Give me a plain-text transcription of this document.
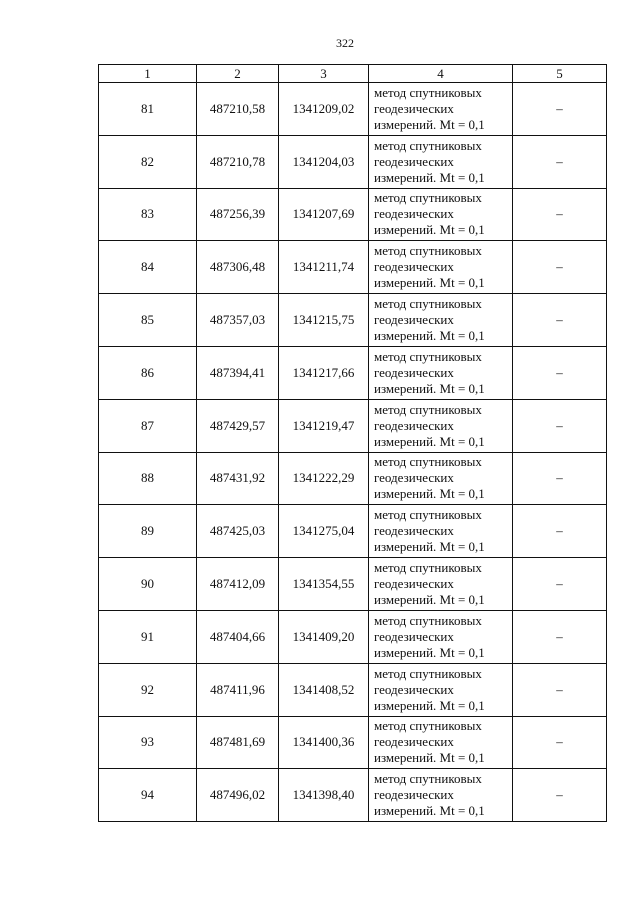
322
1	2	3	4	5
81	487210,58	1341209,02	метод спутниковых
геодезических
измерений. Mt = 0,1	–
82	487210,78	1341204,03	метод спутниковых
геодезических
измерений. Mt = 0,1	–
83	487256,39	1341207,69	метод спутниковых
геодезических
измерений. Mt = 0,1	–
84	487306,48	1341211,74	метод спутниковых
геодезических
измерений. Mt = 0,1	–
85	487357,03	1341215,75	метод спутниковых
геодезических
измерений. Mt = 0,1	–
86	487394,41	1341217,66	метод спутниковых
геодезических
измерений. Mt = 0,1	–
87	487429,57	1341219,47	метод спутниковых
геодезических
измерений. Mt = 0,1	–
88	487431,92	1341222,29	метод спутниковых
геодезических
измерений. Mt = 0,1	–
89	487425,03	1341275,04	метод спутниковых
геодезических
измерений. Mt = 0,1	–
90	487412,09	1341354,55	метод спутниковых
геодезических
измерений. Mt = 0,1	–
91	487404,66	1341409,20	метод спутниковых
геодезических
измерений. Mt = 0,1	–
92	487411,96	1341408,52	метод спутниковых
геодезических
измерений. Mt = 0,1	–
93	487481,69	1341400,36	метод спутниковых
геодезических
измерений. Mt = 0,1	–
94	487496,02	1341398,40	метод спутниковых
геодезических
измерений. Mt = 0,1	–
